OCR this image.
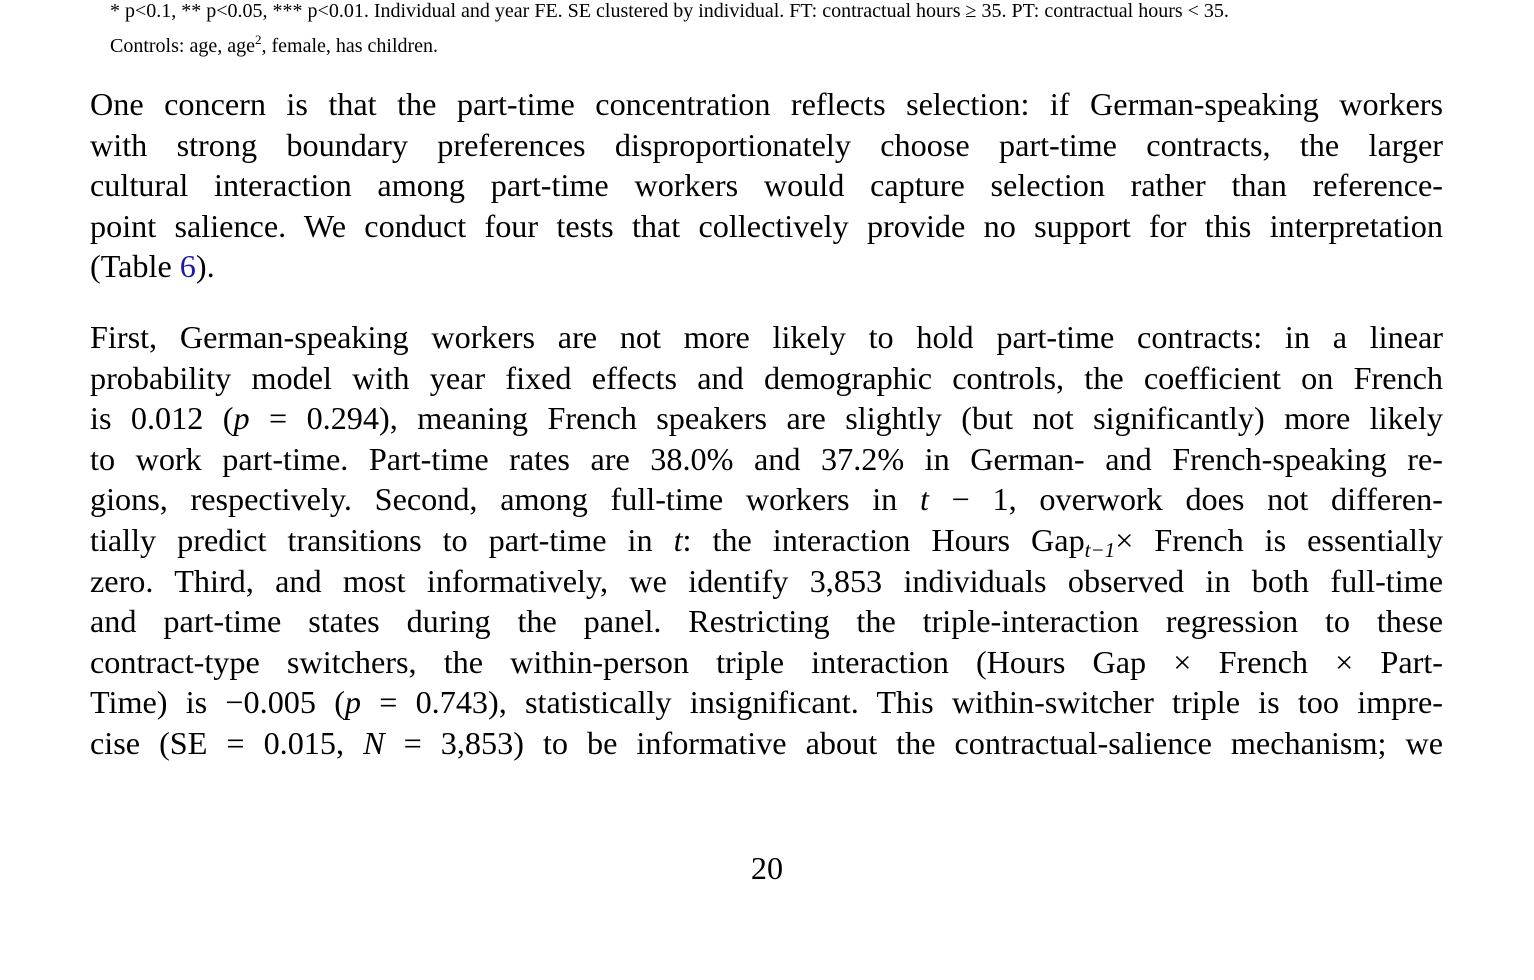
* p<0.1, ** p<0.05, *** p<0.01. Individual and year FE. SE clustered by individual. FT: contractual hours ≥ 35. PT: contractual hours < 35.
Controls: age, age$^2$, female, has children.
One concern is that the part-time concentration reflects selection: if German-speaking workers
with strong boundary preferences disproportionately choose part-time contracts, the larger
cultural interaction among part-time workers would capture selection rather than reference-
point salience. We conduct four tests that collectively provide no support for this interpretation
(Table 6).
First, German-speaking workers are not more likely to hold part-time contracts: in a linear
probability model with year fixed effects and demographic controls, the coefficient on French
is 0.012 (p = 0.294), meaning French speakers are slightly (but not significantly) more likely
to work part-time. Part-time rates are 38.0% and 37.2% in German- and French-speaking re-
gions, respectively. Second, among full-time workers in t − 1, overwork does not differen-
tially predict transitions to part-time in t: the interaction Hours Gap$_{t-1}$× French is essentially
zero. Third, and most informatively, we identify 3,853 individuals observed in both full-time
and part-time states during the panel. Restricting the triple-interaction regression to these
contract-type switchers, the within-person triple interaction (Hours Gap × French × Part-
Time) is −0.005 (p = 0.743), statistically insignificant. This within-switcher triple is too impre-
cise (SE = 0.015, N = 3,853) to be informative about the contractual-salience mechanism; we
20
